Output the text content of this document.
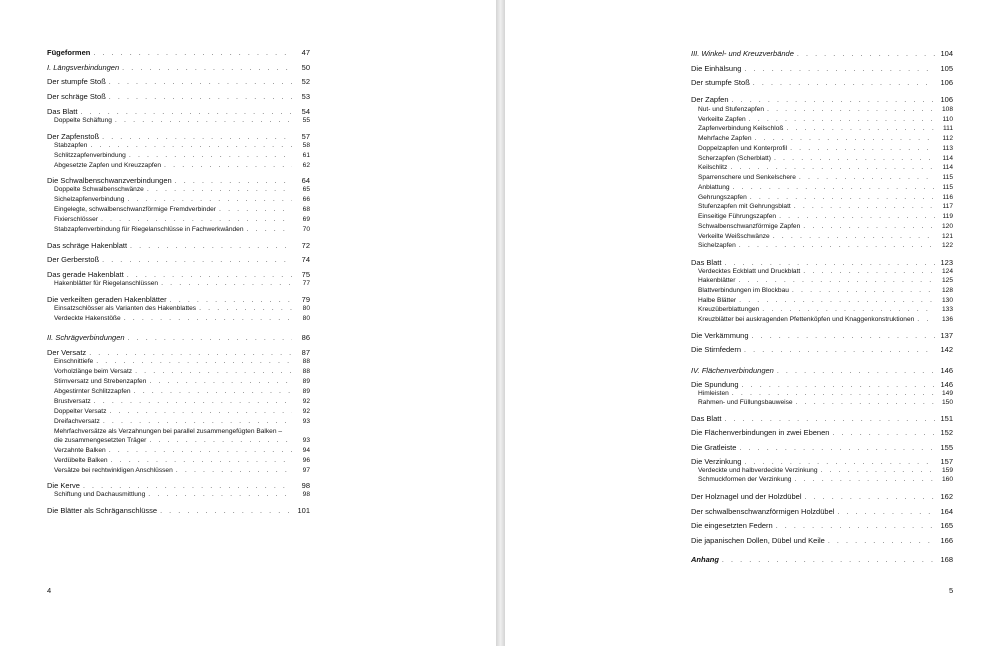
Fügeformen . . .	47
I. Längsverbindungen . . .	50
Der stumpfe Stoß . . .	52
Der schräge Stoß . . .	53
Das Blatt . . .	54
Doppelte Schäftung . . .	55
Der Zapfenstoß . . .	57
Stabzapfen . . .	58
Schlitzzapfenverbindung . . .	61
Abgesetzte Zapfen und Kreuzzapfen . . .	62
Die Schwalbenschwanzverbindungen . . .	64
Doppelte Schwalbenschwänze . . .	65
Sichelzapfenverbindung . . .	66
Eingelegte, schwalbenschwanzförmige Fremdverbinder . . .	68
Fixierschlösser . . .	69
Stabzapfenverbindung für Riegelanschlüsse in Fachwerkwänden . . .	70
Das schräge Hakenblatt . . .	72
Der Gerberstoß . . .	74
Das gerade Hakenblatt . . .	75
Hakenblätter für Riegelanschlüssen . . .	77
Die verkeilten geraden Hakenblätter . . .	79
Einsatzschlösser als Varianten des Hakenblattes . . .	80
Verdeckte Hakenstöße . . .	80
II. Schrägverbindungen . . .	86
Der Versatz . . .	87
Einschnittiefe . . .	88
Vorholzlänge beim Versatz . . .	88
Stirnversatz und Strebenzapfen . . .	89
Abgestirnter Schlitzzapfen . . .	89
Brustversatz . . .	92
Doppelter Versatz . . .	92
Dreifachversatz . . .	93
Mehrfachversätze als Verzahnungen bei parallel zusammengefügten Balken –
die zusammengesetzten Träger . . .	93
Verzahnte Balken . . .	94
Verdübelte Balken . . .	96
Versätze bei rechtwinkligen Anschlüssen . . .	97
Die Kerve . . .	98
Schiftung und Dachausmittlung . . .	98
Die Blätter als Schräganschlüsse . . .	101
4
III. Winkel- und Kreuzverbände . . .	104
Die Einhälsung . . .	105
Der stumpfe Stoß . . .	106
Der Zapfen . . .	106
Nut- und Stufenzapfen . . .	108
Verkeilte Zapfen . . .	110
Zapfenverbindung Keilschloß . . .	111
Mehrfache Zapfen . . .	112
Doppelzapfen und Konterprofil . . .	113
Scherzapfen (Scherblatt) . . .	114
Keilschlitz . . .	114
Sparrenschere und Senkelschere . . .	115
Anblattung . . .	115
Gehrungszapfen . . .	116
Stufenzapfen mit Gehrungsblatt . . .	117
Einseitige Führungszapfen . . .	119
Schwalbenschwanzförmige Zapfen . . .	120
Verkeilte Weißschwänze . . .	121
Sichelzapfen . . .	122
Das Blatt . . .	123
Verdecktes Eckblatt und Druckblatt . . .	124
Hakenblätter . . .	125
Blattverbindungen im Blockbau . . .	128
Halbe Blätter . . .	130
Kreuzüberblattungen . . .	133
Kreuzblätter bei auskragenden Pfettenköpfen und Knaggenkonstruktionen . . .	136
Die Verkämmung . . .	137
Die Stirnfedern . . .	142
IV. Flächenverbindungen . . .	146
Die Spundung . . .	146
Himleisten . . .	149
Rahmen- und Füllungsbauweise . . .	150
Das Blatt . . .	151
Die Flächenverbindungen in zwei Ebenen . . .	152
Die Gratleiste . . .	155
Die Verzinkung . . .	157
Verdeckte und halbverdeckte Verzinkung . . .	159
Schmuckformen der Verzinkung . . .	160
Der Holznagel und der Holzdübel . . .	162
Der schwalbenschwanzförmigen Holzdübel . . .	164
Die eingesetzten Federn . . .	165
Die japanischen Dollen, Dübel und Keile . . .	166
Anhang . . .	168
5
